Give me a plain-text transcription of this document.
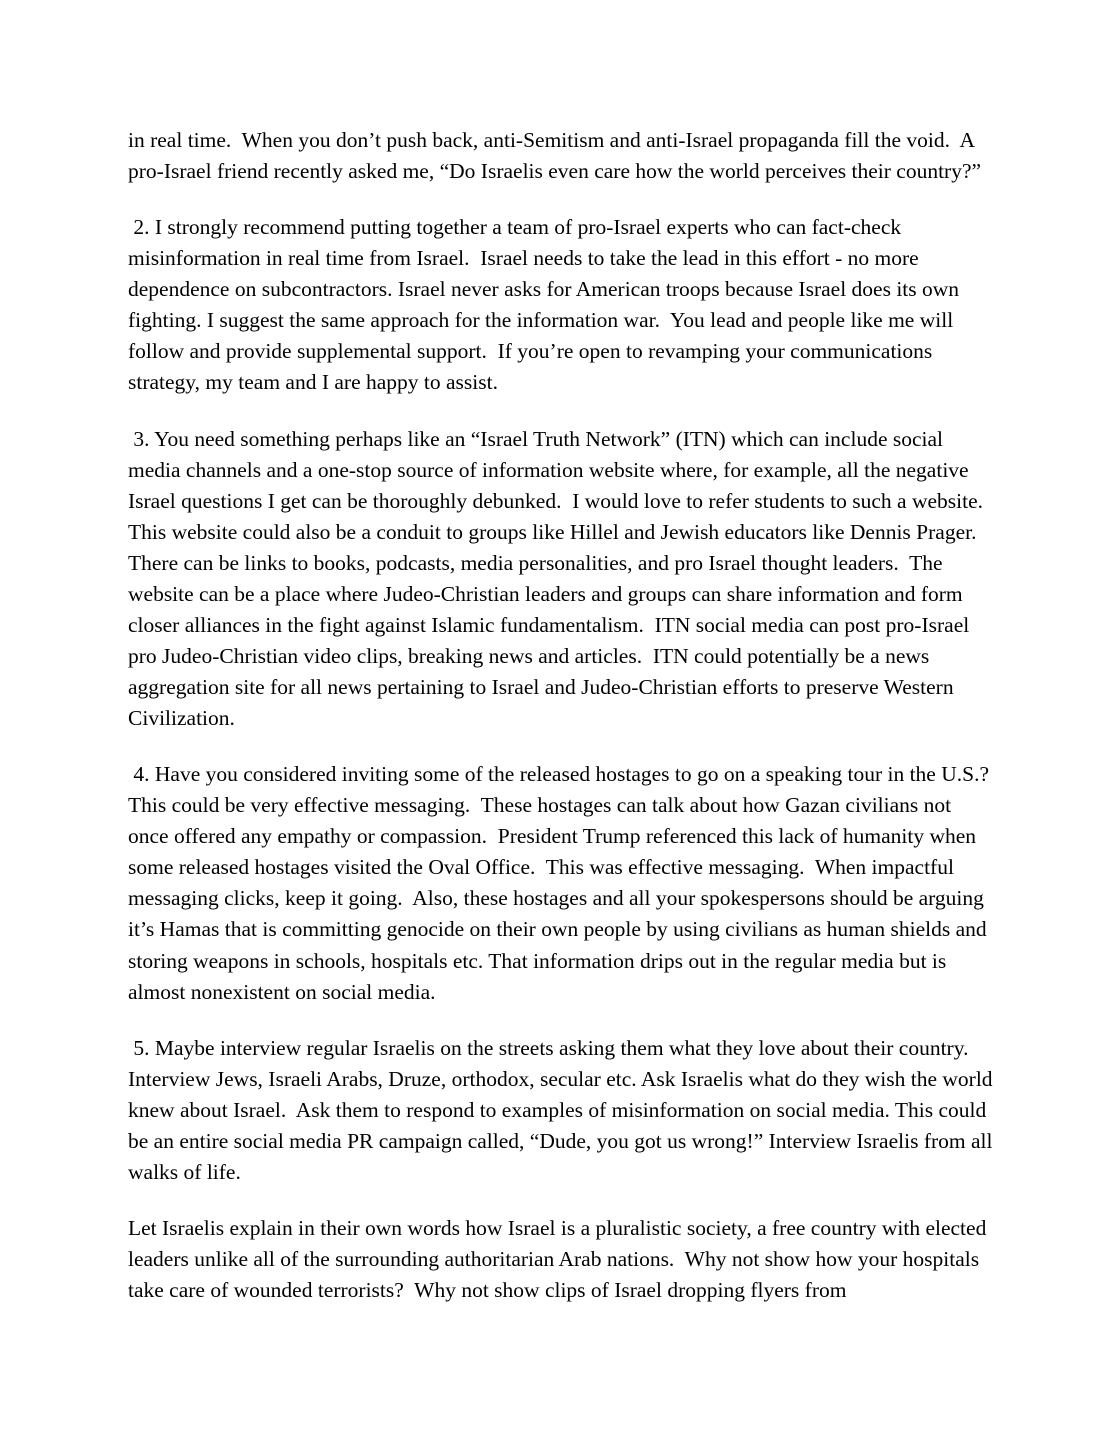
in real time.  When you don’t push back, anti-Semitism and anti-Israel propaganda fill the void.  A pro-Israel friend recently asked me, “Do Israelis even care how the world perceives their country?”

2. I strongly recommend putting together a team of pro-Israel experts who can fact-check misinformation in real time from Israel.  Israel needs to take the lead in this effort - no more dependence on subcontractors. Israel never asks for American troops because Israel does its own fighting. I suggest the same approach for the information war.  You lead and people like me will follow and provide supplemental support.  If you’re open to revamping your communications strategy, my team and I are happy to assist.

3. You need something perhaps like an “Israel Truth Network” (ITN) which can include social media channels and a one-stop source of information website where, for example, all the negative Israel questions I get can be thoroughly debunked.  I would love to refer students to such a website.  This website could also be a conduit to groups like Hillel and Jewish educators like Dennis Prager.  There can be links to books, podcasts, media personalities, and pro Israel thought leaders.  The website can be a place where Judeo-Christian leaders and groups can share information and form closer alliances in the fight against Islamic fundamentalism.  ITN social media can post pro-Israel pro Judeo-Christian video clips, breaking news and articles.  ITN could potentially be a news aggregation site for all news pertaining to Israel and Judeo-Christian efforts to preserve Western Civilization.

4. Have you considered inviting some of the released hostages to go on a speaking tour in the U.S.?  This could be very effective messaging.  These hostages can talk about how Gazan civilians not once offered any empathy or compassion.  President Trump referenced this lack of humanity when some released hostages visited the Oval Office.  This was effective messaging.  When impactful messaging clicks, keep it going.  Also, these hostages and all your spokespersons should be arguing it’s Hamas that is committing genocide on their own people by using civilians as human shields and storing weapons in schools, hospitals etc. That information drips out in the regular media but is almost nonexistent on social media.

5. Maybe interview regular Israelis on the streets asking them what they love about their country.  Interview Jews, Israeli Arabs, Druze, orthodox, secular etc. Ask Israelis what do they wish the world knew about Israel.  Ask them to respond to examples of misinformation on social media. This could be an entire social media PR campaign called, “Dude, you got us wrong!” Interview Israelis from all walks of life.

Let Israelis explain in their own words how Israel is a pluralistic society, a free country with elected leaders unlike all of the surrounding authoritarian Arab nations.  Why not show how your hospitals take care of wounded terrorists?  Why not show clips of Israel dropping flyers from
